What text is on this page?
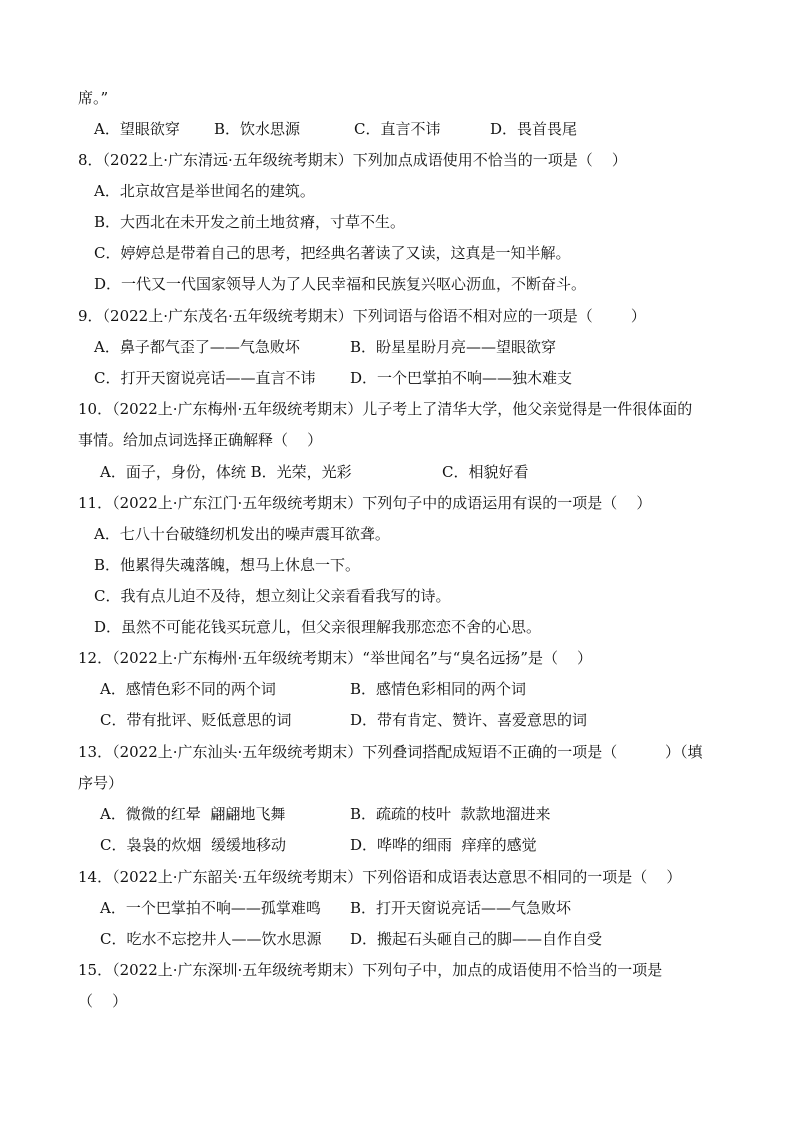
席。”
A．望眼欲穿 B．饮水思源	C．直言不讳	D．畏首畏尾
8．（2022上·广东清远·五年级统考期末）下列加点成语使用不恰当的一项是（    ）
A．北京故宫是举世闻名的建筑。
B．大西北在未开发之前土地贫瘠，寸草不生。
C．婷婷总是带着自己的思考，把经典名著读了又读，这真是一知半解。
D．一代又一代国家领导人为了人民幸福和民族复兴呕心沥血，不断奋斗。
9．（2022上·广东茂名·五年级统考期末）下列词语与俗语不相对应的一项是（        ）
A．鼻子都气歪了——气急败坏	B．盼星星盼月亮——望眼欲穿
C．打开天窗说亮话——直言不讳 D．一个巴掌拍不响——独木难支
10．（2022上·广东梅州·五年级统考期末）儿子考上了清华大学，他父亲觉得是一件很体面的
事情。给加点词选择正确解释（    ）
A．面子，身份，体统 B．光荣，光彩	C．相貌好看
11．（2022上·广东江门·五年级统考期末）下列句子中的成语运用有误的一项是（    ）
A．七八十台破缝纫机发出的噪声震耳欲聋。
B．他累得失魂落魄，想马上休息一下。
C．我有点儿迫不及待，想立刻让父亲看看我写的诗。
D．虽然不可能花钱买玩意儿，但父亲很理解我那恋恋不舍的心思。
12．（2022上·广东梅州·五年级统考期末）“举世闻名”与“臭名远扬”是（    ）
A．感情色彩不同的两个词	B．感情色彩相同的两个词
C．带有批评、贬低意思的词	D．带有肯定、赞许、喜爱意思的词
13．（2022上·广东汕头·五年级统考期末）下列叠词搭配成短语不正确的一项是（          ）（填
序号）
A．微微的红晕  翩翩地飞舞	B．疏疏的枝叶  款款地溜进来
C．袅袅的炊烟  缓缓地移动	D．哗哗的细雨  痒痒的感觉
14．（2022上·广东韶关·五年级统考期末）下列俗语和成语表达意思不相同的一项是（    ）
A．一个巴掌拍不响——孤掌难鸣 B．打开天窗说亮话——气急败坏
C．吃水不忘挖井人——饮水思源 D．搬起石头砸自己的脚——自作自受
15．（2022上·广东深圳·五年级统考期末）下列句子中，加点的成语使用不恰当的一项是
（    ）
